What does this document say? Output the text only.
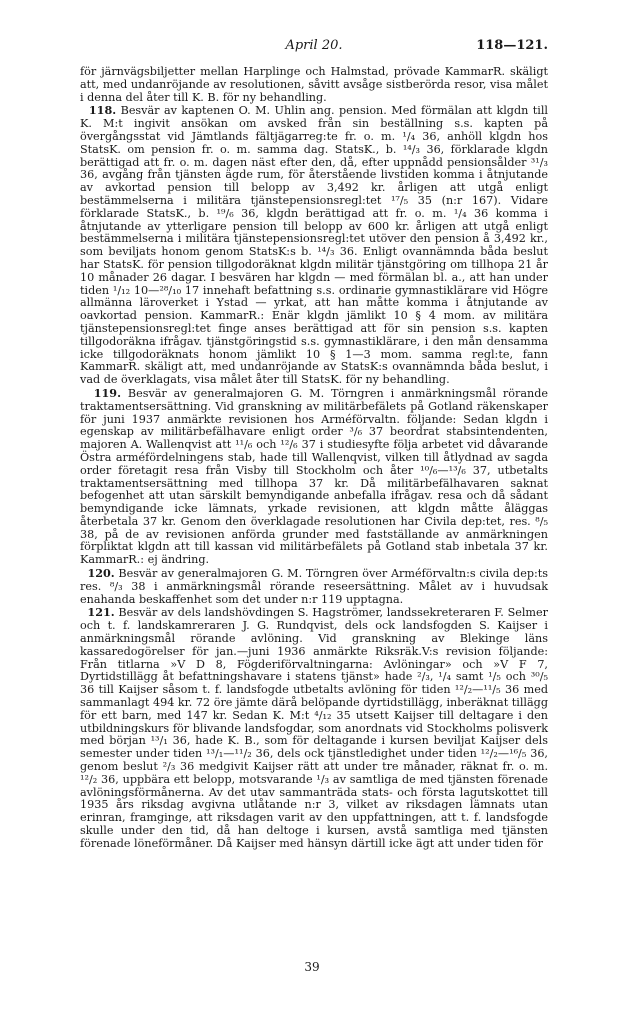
April 20.	118—121.

för järnvägsbiljetter mellan Harplinge och Halmstad, prövade KammarR. skäligt att, med undanröjande av resolutionen, såvitt avsåge sistberörda resor, visa målet i denna del åter till K. B. för ny behandling.

118. Besvär av kaptenen O. M. Uhlin ang. pension. Med förmälan att klgdn till K. M:t ingivit ansökan om avsked från sin beställning s.s. kapten på övergångsstat vid Jämtlands fältjägarreg:te fr. o. m. ¹/₄ 36, anhöll klgdn hos StatsK. om pension fr. o. m. samma dag. StatsK., b. ¹⁴/₃ 36, förklarade klgdn berättigad att fr. o. m. dagen näst efter den, då, efter uppnådd pensionsålder ³¹/₃ 36, avgång från tjänsten ägde rum, för återstående livstiden komma i åtnjutande av avkortad pension till belopp av 3,492 kr. årligen att utgå enligt bestämmelserna i militära tjänstepensionsregl:tet ¹⁷/₅ 35 (n:r 167). Vidare förklarade StatsK., b. ¹⁹/₆ 36, klgdn berättigad att fr. o. m. ¹/₄ 36 komma i åtnjutande av ytterligare pension till belopp av 600 kr. årligen att utgå enligt bestämmelserna i militära tjänstepensionsregl:tet utöver den pension å 3,492 kr., som beviljats honom genom StatsK:s b. ¹⁴/₃ 36. Enligt ovannämnda båda beslut har StatsK. för pension tillgodoräknat klgdn militär tjänstgöring om tillhopa 21 år 10 månader 26 dagar. I besvären har klgdn — med förmälan bl. a., att han under tiden ¹/₁₂ 10—²⁸/₁₀ 17 innehaft befattning s.s. ordinarie gymnastiklärare vid Högre allmänna läroverket i Ystad — yrkat, att han måtte komma i åtnjutande av oavkortad pension. KammarR.: Enär klgdn jämlikt 10 § 4 mom. av militära tjänstepensionsregl:tet finge anses berättigad att för sin pension s.s. kapten tillgodoräkna ifrågav. tjänstgöringstid s.s. gymnastiklärare, i den mån densamma icke tillgodoräknats honom jämlikt 10 § 1—3 mom. samma regl:te, fann KammarR. skäligt att, med undanröjande av StatsK:s ovannämnda båda beslut, i vad de överklagats, visa målet åter till StatsK. för ny behandling.

119. Besvär av generalmajoren G. M. Törngren i anmärkningsmål rörande traktamentsersättning. Vid granskning av militärbefälets på Gotland räkenskaper för juni 1937 anmärkte revisionen hos Arméförvaltn. följande: Sedan klgdn i egenskap av militärbefälhavare enligt order ³/₆ 37 beordrat stabsintendenten, majoren A. Wallenqvist att ¹¹/₆ och ¹²/₆ 37 i studiesyfte följa arbetet vid dåvarande Östra arméfördelningens stab, hade till Wallenqvist, vilken till åtlydnad av sagda order företagit resa från Visby till Stockholm och åter ¹⁰/₆—¹³/₆ 37, utbetalts traktamentsersättning med tillhopa 37 kr. Då militärbefälhavaren saknat befogenhet att utan särskilt bemyndigande anbefalla ifrågav. resa och då sådant bemyndigande icke lämnats, yrkade revisionen, att klgdn måtte åläggas återbetala 37 kr. Genom den överklagade resolutionen har Civila dep:tet, res. ⁸/₅ 38, på de av revisionen anförda grunder med fastställande av anmärkningen förpliktat klgdn att till kassan vid militärbefälets på Gotland stab inbetala 37 kr. KammarR.: ej ändring.

120. Besvär av generalmajoren G. M. Törngren över Arméförvaltn:s civila dep:ts res. ⁸/₃ 38 i anmärkningsmål rörande reseersättning. Målet av i huvudsak enahanda beskaffenhet som det under n:r 119 upptagna.

121. Besvär av dels landshövdingen S. Hagströmer, landssekreteraren F. Selmer och t. f. landskamreraren J. G. Rundqvist, dels ock landsfogden S. Kaijser i anmärkningsmål rörande avlöning. Vid granskning av Blekinge läns kassaredogörelser för jan.—juni 1936 anmärkte Riksräk.V:s revision följande: Från titlarna »V D 8, Fögderiförvaltningarna: Avlöningar» och »V F 7, Dyrtidstillägg åt befattningshavare i statens tjänst» hade ²/₃, ¹/₄ samt ¹/₅ och ³⁰/₅ 36 till Kaijser såsom t. f. landsfogde utbetalts avlöning för tiden ¹²/₂—¹¹/₅ 36 med sammanlagt 494 kr. 72 öre jämte därå belöpande dyrtidstillägg, inberäknat tillägg för ett barn, med 147 kr. Sedan K. M:t ⁴/₁₂ 35 utsett Kaijser till deltagare i den utbildningskurs för blivande landsfogdar, som anordnats vid Stockholms polisverk med början ¹³/₁ 36, hade K. B., som för deltagande i kursen beviljat Kaijser dels semester under tiden ¹³/₁—¹¹/₂ 36, dels ock tjänstledighet under tiden ¹²/₂—¹⁶/₅ 36, genom beslut ²/₃ 36 medgivit Kaijser rätt att under tre månader, räknat fr. o. m. ¹²/₂ 36, uppbära ett belopp, motsvarande ¹/₃ av samtliga de med tjänsten förenade avlöningsförmånerna. Av det utav sammanträda stats- och första lagutskottet till 1935 års riksdag avgivna utlåtande n:r 3, vilket av riksdagen lämnats utan erinran, framginge, att riksdagen varit av den uppfattningen, att t. f. landsfogde skulle under den tid, då han deltoge i kursen, avstå samtliga med tjänsten förenade löneförmåner. Då Kaijser med hänsyn därtill icke ägt att under tiden för

39
